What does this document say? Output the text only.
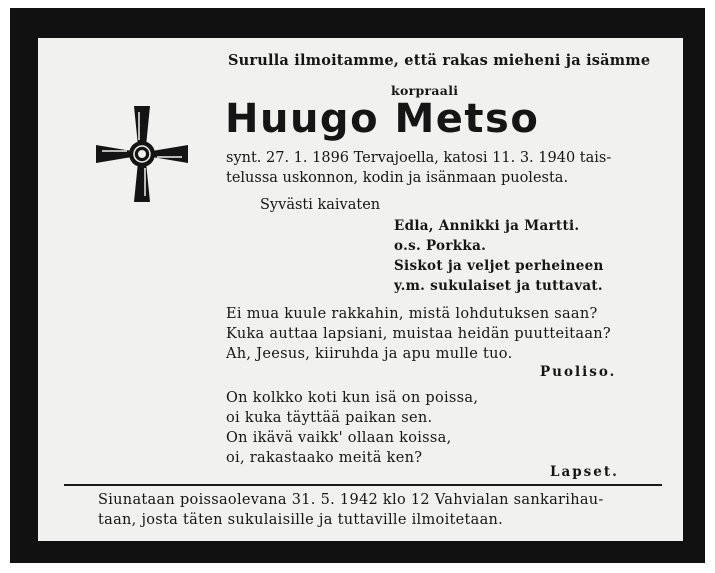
Surulla ilmoitamme, että rakas mieheni ja isämme
korpraali
Huugo Metso
synt. 27. 1. 1896 Tervajoella, katosi 11. 3. 1940 tais-
telussa uskonnon, kodin ja isänmaan puolesta.
Syvästi kaivaten
Edla, Annikki ja Martti.
o.s. Porkka.
Siskot ja veljet perheineen
y.m. sukulaiset ja tuttavat.
Ei mua kuule rakkahin, mistä lohdutuksen saan?
Kuka auttaa lapsiani, muistaa heidän puutteitaan?
Ah, Jeesus, kiiruhda ja apu mulle tuo.
Puoliso.
On kolkko koti kun isä on poissa,
oi kuka täyttää paikan sen.
On ikävä vaikk' ollaan koissa,
oi, rakastaako meitä ken?
Lapset.
Siunataan poissaolevana 31. 5. 1942 klo 12 Vahvialan sankarihau-
taan, josta täten sukulaisille ja tuttaville ilmoitetaan.
